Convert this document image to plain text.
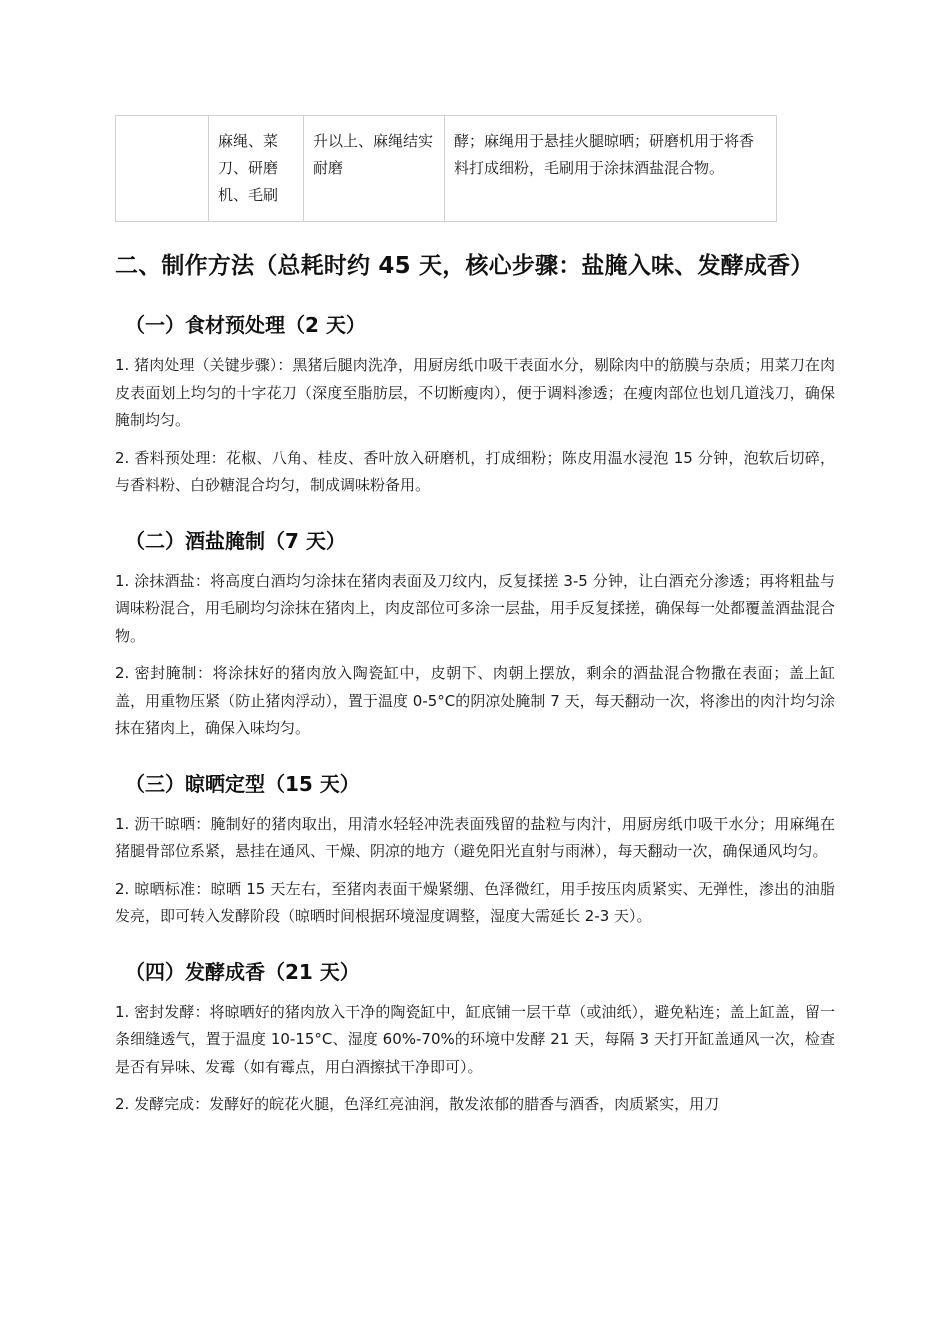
	麻绳、菜刀、研磨机、毛刷	升以上、麻绳结实耐磨	酵；麻绳用于悬挂火腿晾晒；研磨机用于将香料打成细粉，毛刷用于涂抹酒盐混合物。
二、制作方法（总耗时约 45 天，核心步骤：盐腌入味、发酵成香）
（一）食材预处理（2 天）
1. 猪肉处理（关键步骤）：黑猪后腿肉洗净，用厨房纸巾吸干表面水分，剔除肉中的筋膜与杂质；用菜刀在肉皮表面划上均匀的十字花刀（深度至脂肪层，不切断瘦肉），便于调料渗透；在瘦肉部位也划几道浅刀，确保腌制均匀。
2. 香料预处理：花椒、八角、桂皮、香叶放入研磨机，打成细粉；陈皮用温水浸泡 15 分钟，泡软后切碎，与香料粉、白砂糖混合均匀，制成调味粉备用。
（二）酒盐腌制（7 天）
1. 涂抹酒盐：将高度白酒均匀涂抹在猪肉表面及刀纹内，反复揉搓 3-5 分钟，让白酒充分渗透；再将粗盐与调味粉混合，用毛刷均匀涂抹在猪肉上，肉皮部位可多涂一层盐，用手反复揉搓，确保每一处都覆盖酒盐混合物。
2. 密封腌制：将涂抹好的猪肉放入陶瓷缸中，皮朝下、肉朝上摆放，剩余的酒盐混合物撒在表面；盖上缸盖，用重物压紧（防止猪肉浮动），置于温度 0-5°C的阴凉处腌制 7 天，每天翻动一次，将渗出的肉汁均匀涂抹在猪肉上，确保入味均匀。
（三）晾晒定型（15 天）
1. 沥干晾晒：腌制好的猪肉取出，用清水轻轻冲洗表面残留的盐粒与肉汁，用厨房纸巾吸干水分；用麻绳在猪腿骨部位系紧，悬挂在通风、干燥、阴凉的地方（避免阳光直射与雨淋），每天翻动一次，确保通风均匀。
2. 晾晒标准：晾晒 15 天左右，至猪肉表面干燥紧绷、色泽微红，用手按压肉质紧实、无弹性，渗出的油脂发亮，即可转入发酵阶段（晾晒时间根据环境湿度调整，湿度大需延长 2-3 天）。
（四）发酵成香（21 天）
1. 密封发酵：将晾晒好的猪肉放入干净的陶瓷缸中，缸底铺一层干草（或油纸），避免粘连；盖上缸盖，留一条细缝透气，置于温度 10-15°C、湿度 60%-70%的环境中发酵 21 天，每隔 3 天打开缸盖通风一次，检查是否有异味、发霉（如有霉点，用白酒擦拭干净即可）。
2. 发酵完成：发酵好的皖花火腿，色泽红亮油润，散发浓郁的腊香与酒香，肉质紧实，用刀
